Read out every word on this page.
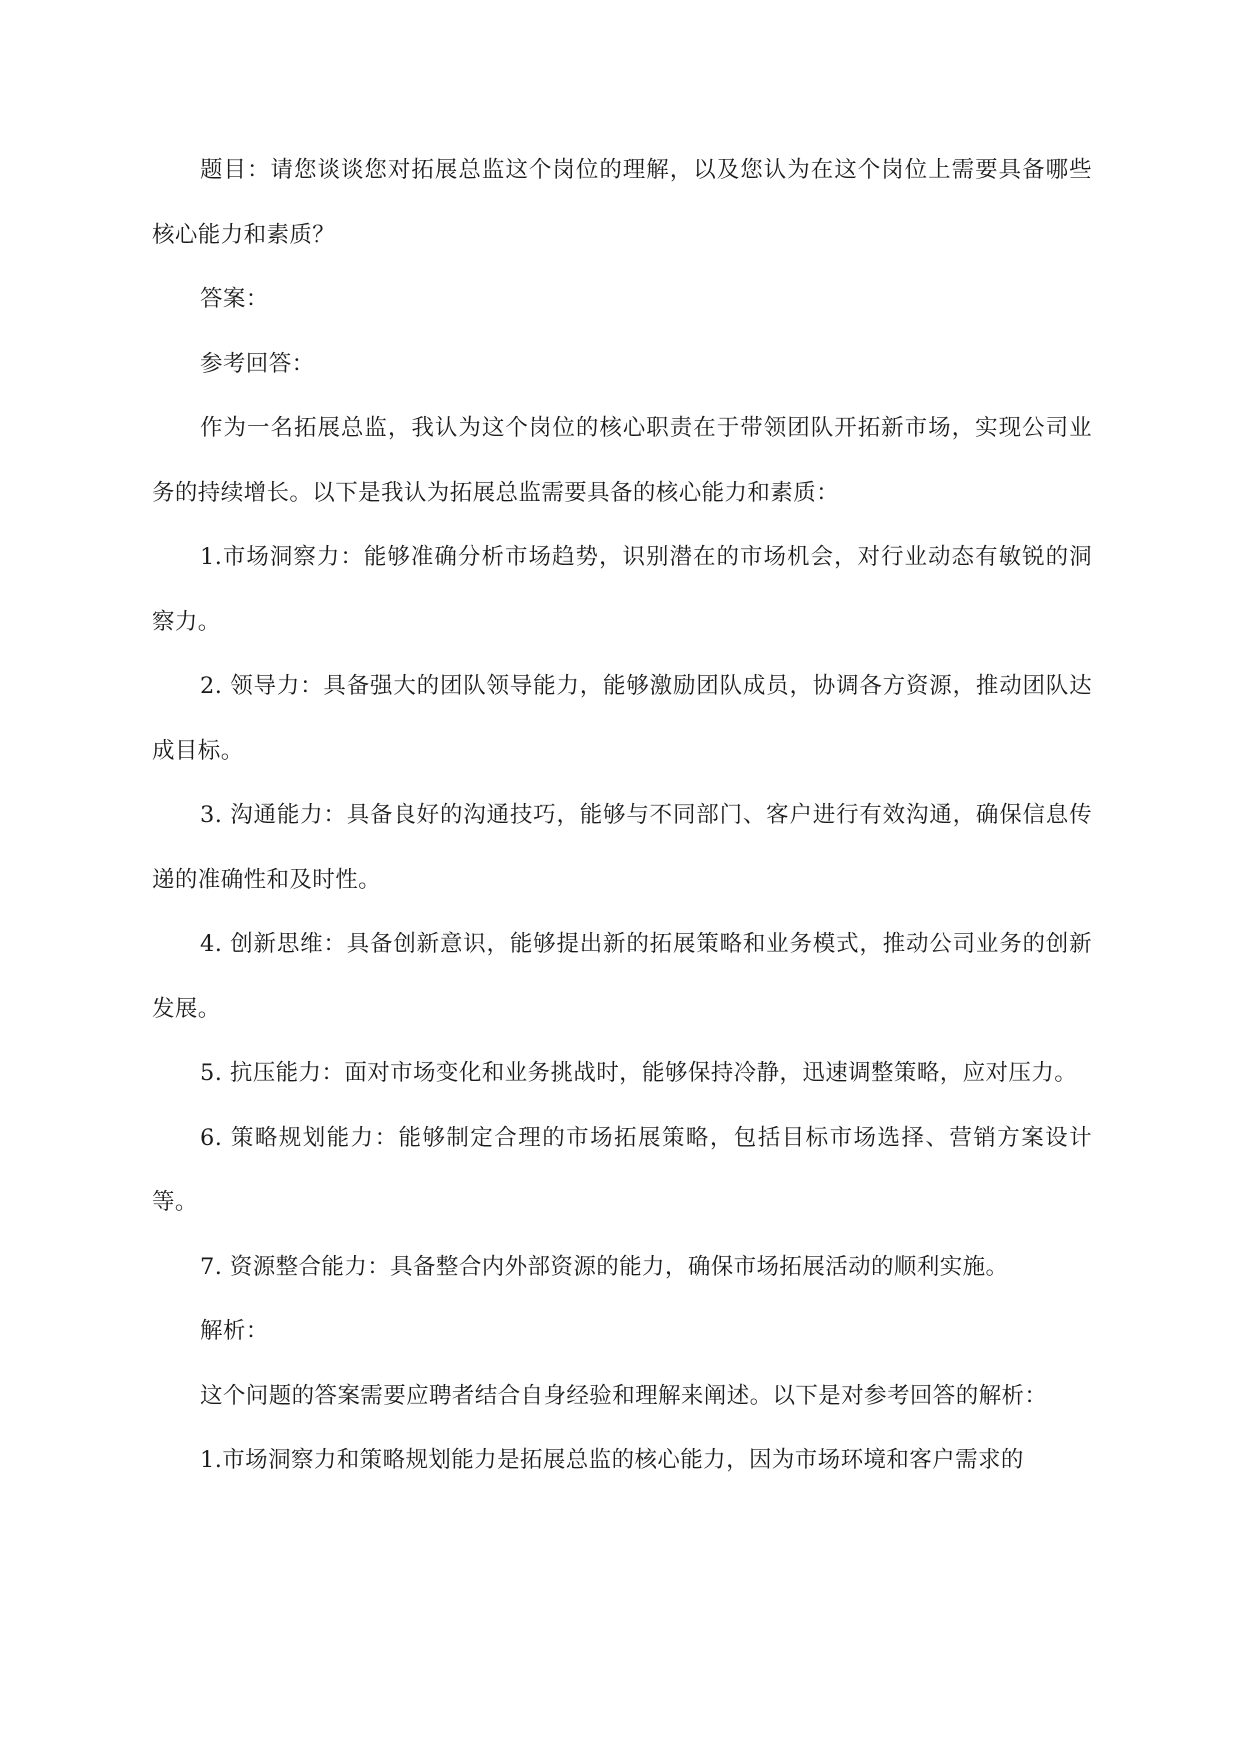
题目：请您谈谈您对拓展总监这个岗位的理解，以及您认为在这个岗位上需要具备哪些核心能力和素质？

答案：

参考回答：

作为一名拓展总监，我认为这个岗位的核心职责在于带领团队开拓新市场，实现公司业务的持续增长。以下是我认为拓展总监需要具备的核心能力和素质：

1.市场洞察力：能够准确分析市场趋势，识别潜在的市场机会，对行业动态有敏锐的洞察力。

2. 领导力：具备强大的团队领导能力，能够激励团队成员，协调各方资源，推动团队达成目标。

3. 沟通能力：具备良好的沟通技巧，能够与不同部门、客户进行有效沟通，确保信息传递的准确性和及时性。

4. 创新思维：具备创新意识，能够提出新的拓展策略和业务模式，推动公司业务的创新发展。

5. 抗压能力：面对市场变化和业务挑战时，能够保持冷静，迅速调整策略，应对压力。

6. 策略规划能力：能够制定合理的市场拓展策略，包括目标市场选择、营销方案设计等。

7. 资源整合能力：具备整合内外部资源的能力，确保市场拓展活动的顺利实施。

解析：

这个问题的答案需要应聘者结合自身经验和理解来阐述。以下是对参考回答的解析：

1.市场洞察力和策略规划能力是拓展总监的核心能力，因为市场环境和客户需求的
